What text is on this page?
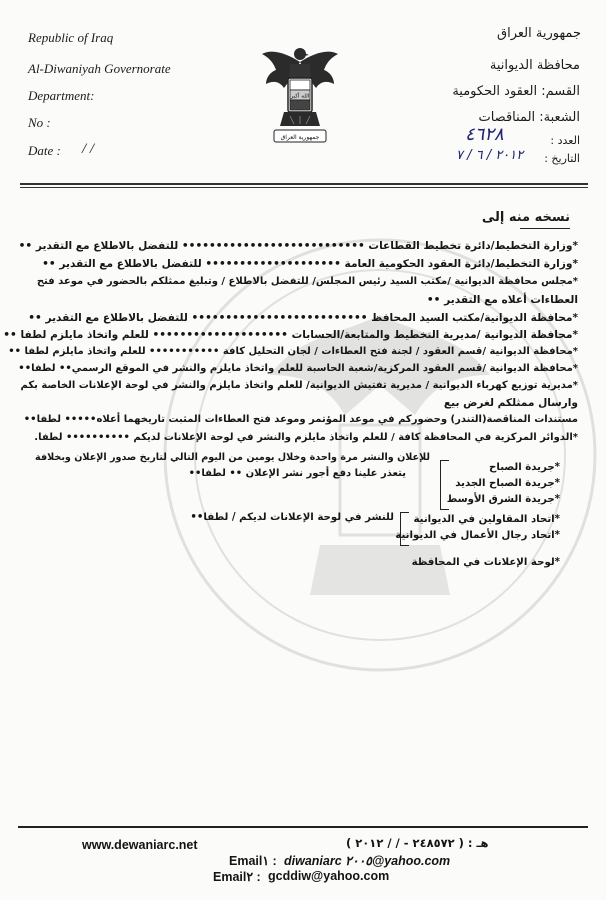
Republic of Iraq
Al-Diwaniyah Governorate
Department:
No :
Date : / /
الله أكبر
جمهورية العراق
جمهورية العراق
محافظة الديوانية
القسم: العقود الحكومية
الشعبة: المناقصات
العدد :
٤٦٢٨
التاريخ :
٢٠١٢ / ٦ / ٧
نسخه منه إلى
*وزارة التخطيط/دائرة تخطيط القطاعات ••••••••••••••••••••••••••• للتفضل بالاطلاع مع التقدير ••
*وزارة التخطيط/دائرة العقود الحكومية العامة •••••••••••••••••••• للتفضل بالاطلاع مع التقدير ••
*مجلس محافظة الديوانية /مكتب السيد رئيس المجلس/ للتفضل بالاطلاع / وتبليغ ممثلكم بالحضور في موعد فتح
العطاءات أعلاه مع التقدير ••
*محافظة الديوانية/مكتب السيد المحافظ •••••••••••••••••••••••••• للتفضل بالاطلاع مع التقدير ••
*محافظة الديوانية /مديرية التخطيط والمتابعة/الحسابات •••••••••••••••••••• للعلم واتخاذ مايلزم لطفا ••
*محافظة الديوانية /قسم العقود / لجنة فتح العطاءات / لجان التحليل كافة ••••••••••• للعلم واتخاذ مايلزم لطفا ••
*محافظة الديوانية /قسم العقود المركزية/شعبة الحاسبة للعلم واتخاذ مايلزم والنشر في الموقع الرسمي•• لطفا••
*مديرية توزيع كهرباء الديوانية / مديرية تفتيش الديوانية/ للعلم واتخاذ مايلزم والنشر في لوحة الإعلانات الخاصة بكم
وارسال ممثلكم لغرض بيع
مستندات المناقصة(التندر) وحضوركم في موعد المؤتمر وموعد فتح العطاءات المثبت تاريخهما أعلاه••••• لطفا••
*الدوائر المركزية في المحافظة كافة / للعلم واتخاذ مايلزم والنشر في لوحة الإعلانات لديكم •••••••••• لطفا.
*جريدة الصباح
*جريدة الصباح الجديد
*جريدة الشرق الأوسط
للإعلان والنشر مرة واحدة وخلال يومين من اليوم التالي لتاريخ صدور الإعلان وبخلافة
يتعذر علينا دفع أجور نشر الإعلان •• لطفا••
*اتحاد المقاولين في الديوانية
*اتحاد رجال الأعمال في الديوانية
للنشر في لوحة الإعلانات لديكم / لطفا••
*لوحة الإعلانات في المحافظة
www.dewaniarc.net	هـ : ( ٢٤٨٥٧٢ - / / ٢٠١٢ )
Email١ : diwaniarc ٢٠٠٥@yahoo.com
Email٢ : gcddiw@yahoo.com
